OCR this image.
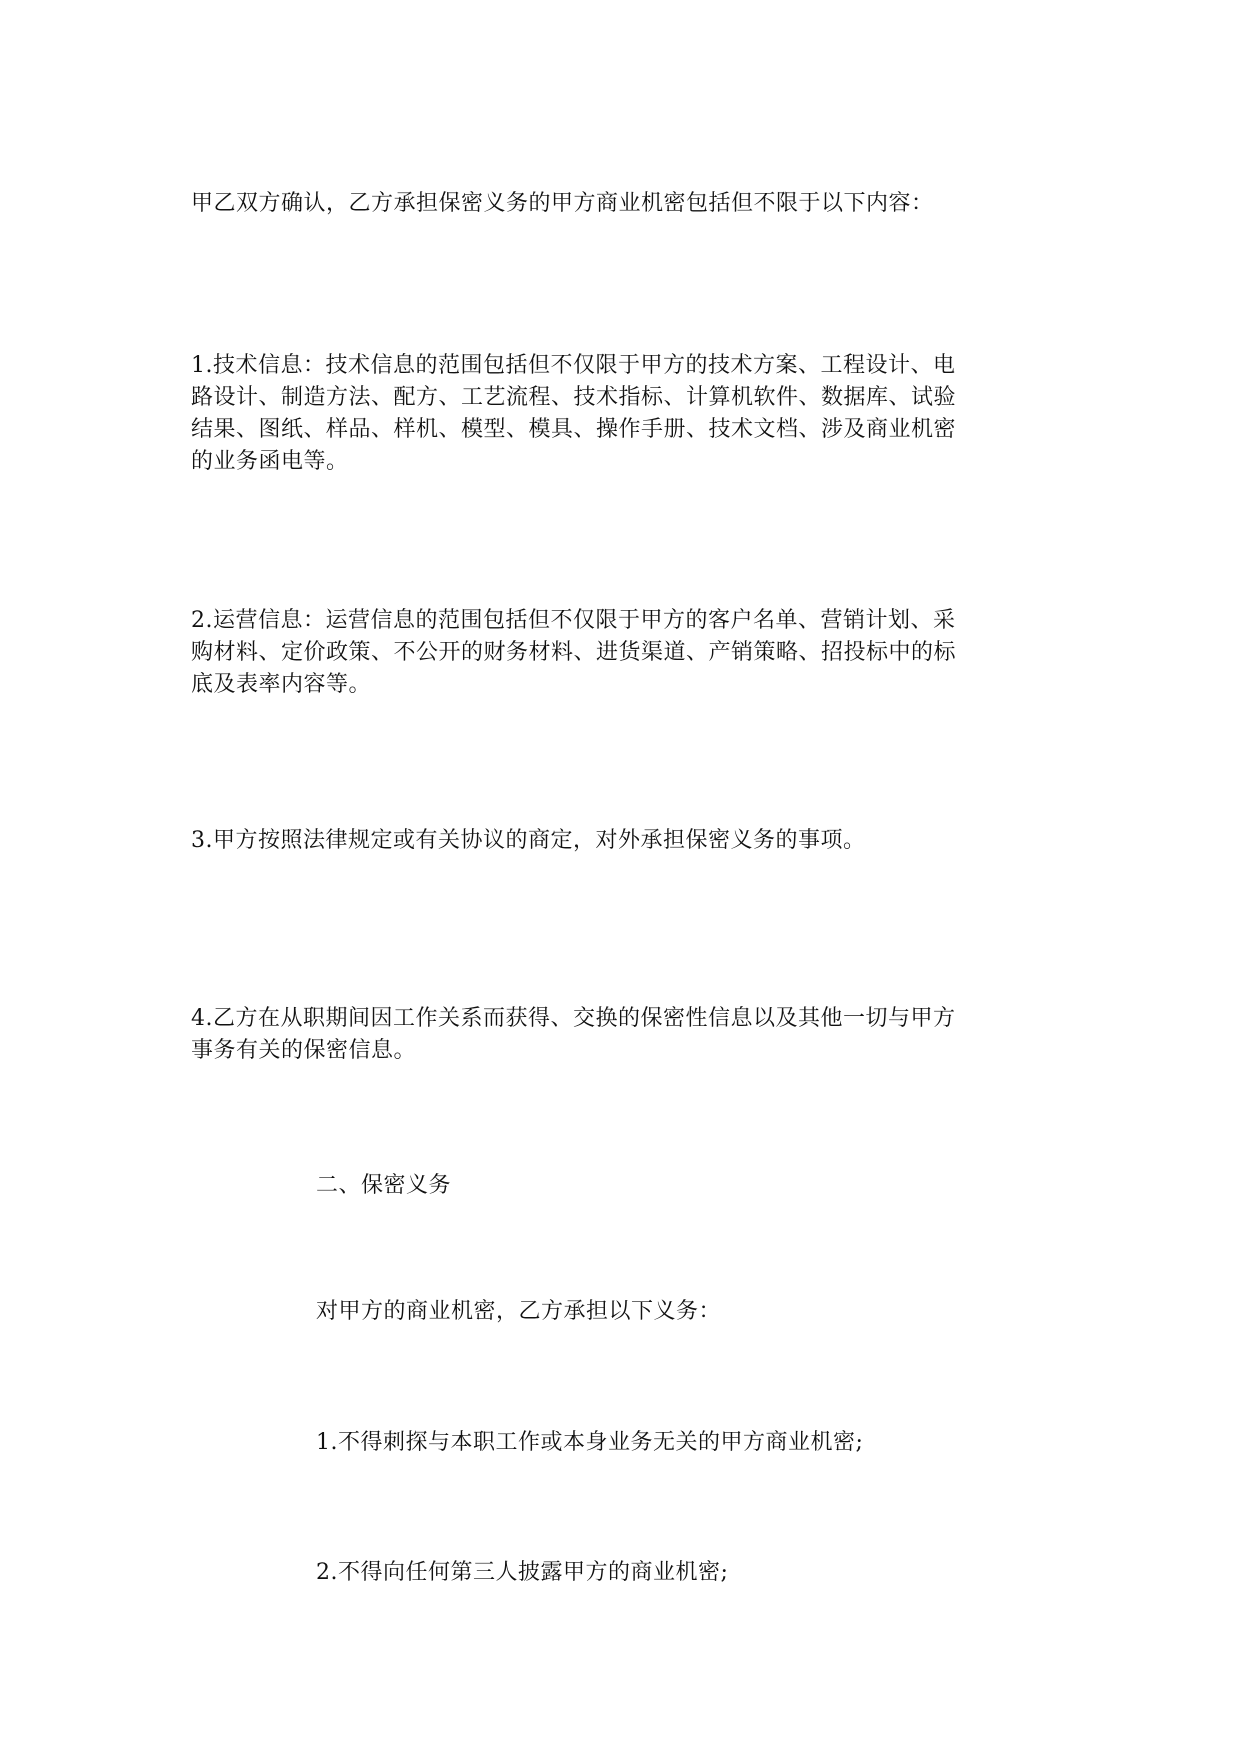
甲乙双方确认，乙方承担保密义务的甲方商业机密包括但不限于以下内容：

1.技术信息：技术信息的范围包括但不仅限于甲方的技术方案、工程设计、电
路设计、制造方法、配方、工艺流程、技术指标、计算机软件、数据库、试验
结果、图纸、样品、样机、模型、模具、操作手册、技术文档、涉及商业机密
的业务函电等。

2.运营信息：运营信息的范围包括但不仅限于甲方的客户名单、营销计划、采
购材料、定价政策、不公开的财务材料、进货渠道、产销策略、招投标中的标
底及表率内容等。

3.甲方按照法律规定或有关协议的商定，对外承担保密义务的事项。

4.乙方在从职期间因工作关系而获得、交换的保密性信息以及其他一切与甲方
事务有关的保密信息。

二、保密义务

对甲方的商业机密，乙方承担以下义务：

1.不得刺探与本职工作或本身业务无关的甲方商业机密;

2.不得向任何第三人披露甲方的商业机密;
